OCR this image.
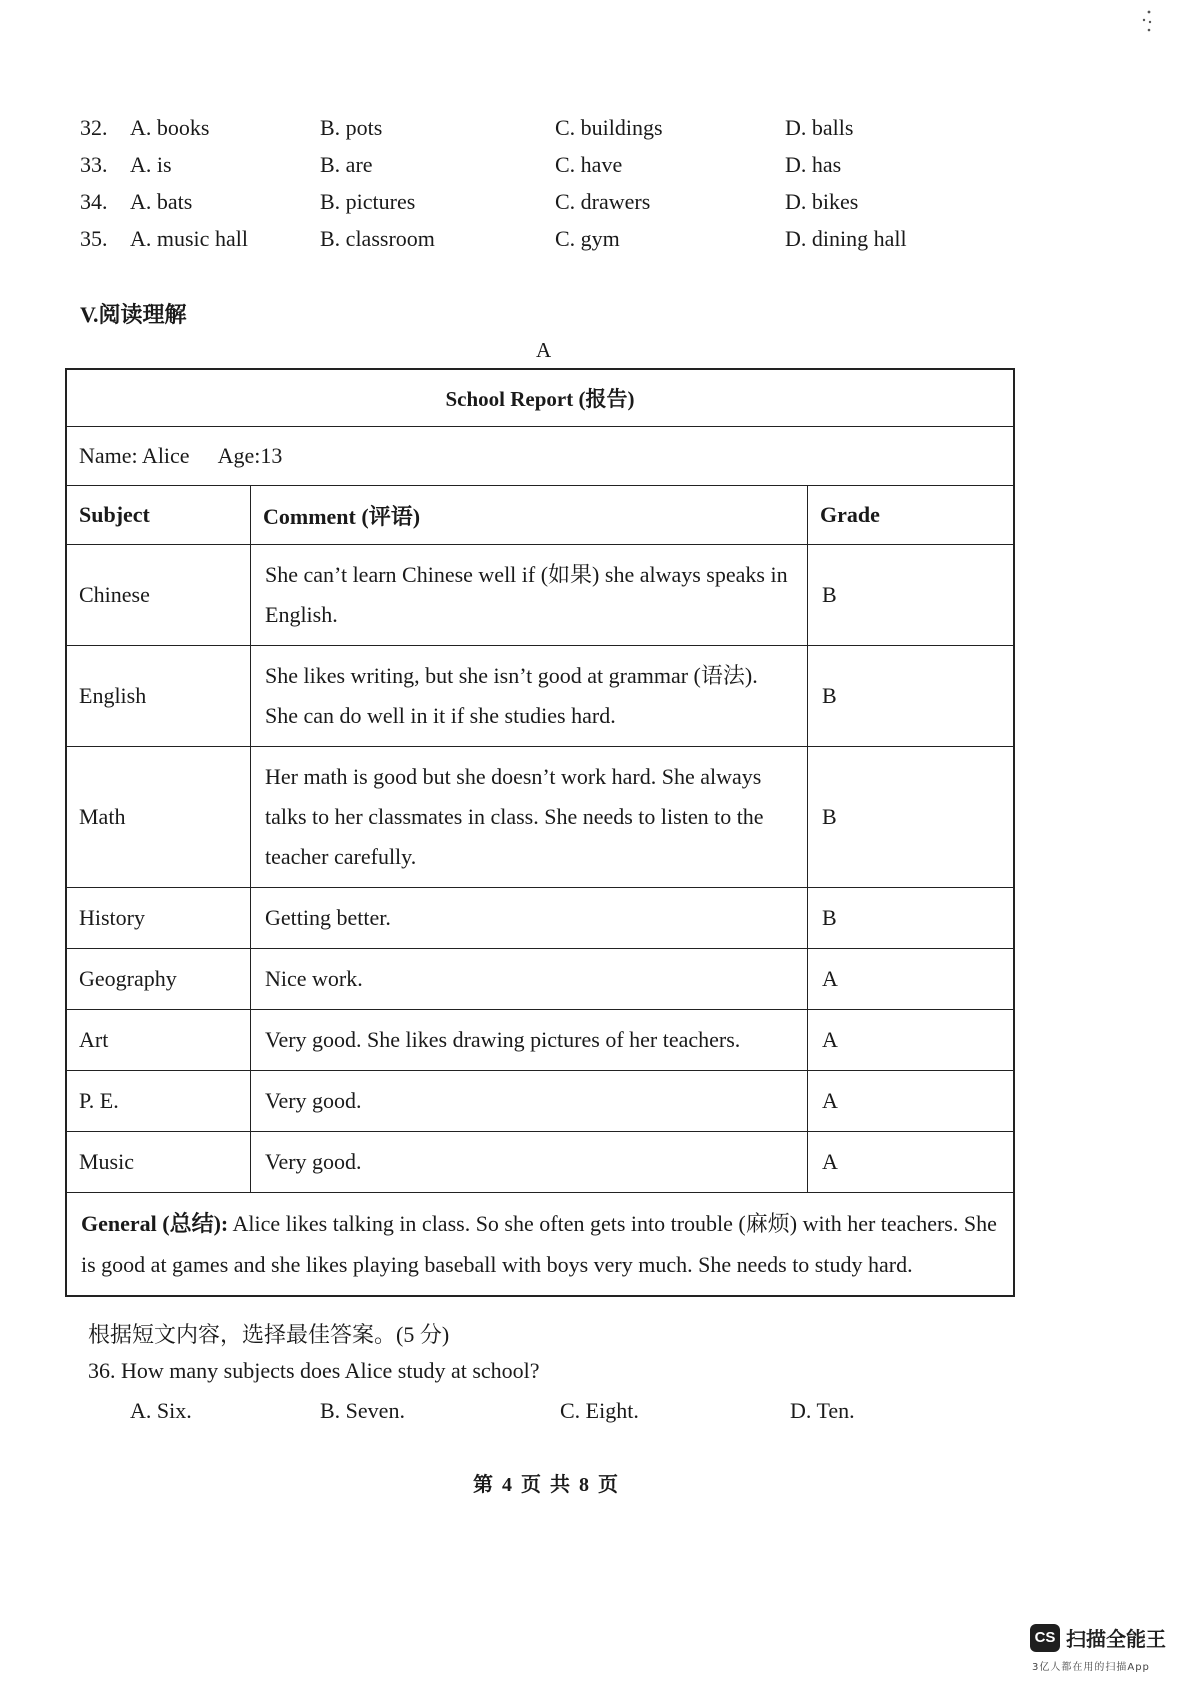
32. A. books	B. pots	C. buildings	D. balls
33. A. is	B. are	C. have	D. has
34. A. bats	B. pictures	C. drawers	D. bikes
35. A. music hall	B. classroom	C. gym	D. dining hall
V.阅读理解
A
School Report (报告)		
Name: Alice Age:13		
Subject	Comment (评语)	Grade
Chinese	She can’t learn Chinese well if (如果) she always speaks in English.	B
English	She likes writing, but she isn’t good at grammar (语法). She can do well in it if she studies hard.	B
Math	Her math is good but she doesn’t work hard. She always talks to her classmates in class. She needs to listen to the teacher carefully.	B
History	Getting better.	B
Geography	Nice work.	A
Art	Very good. She likes drawing pictures of her teachers.	A
P. E.	Very good.	A
Music	Very good.	A
General (总结): Alice likes talking in class. So she often gets into trouble (麻烦) with her teachers. She is good at games and she likes playing baseball with boys very much. She needs to study hard.		
根据短文内容，选择最佳答案。(5 分)
36. How many subjects does Alice study at school?
A. Six.	B. Seven.	C. Eight.	D. Ten.
第 4 页 共 8 页
CS 扫描全能王
3亿人都在用的扫描App
